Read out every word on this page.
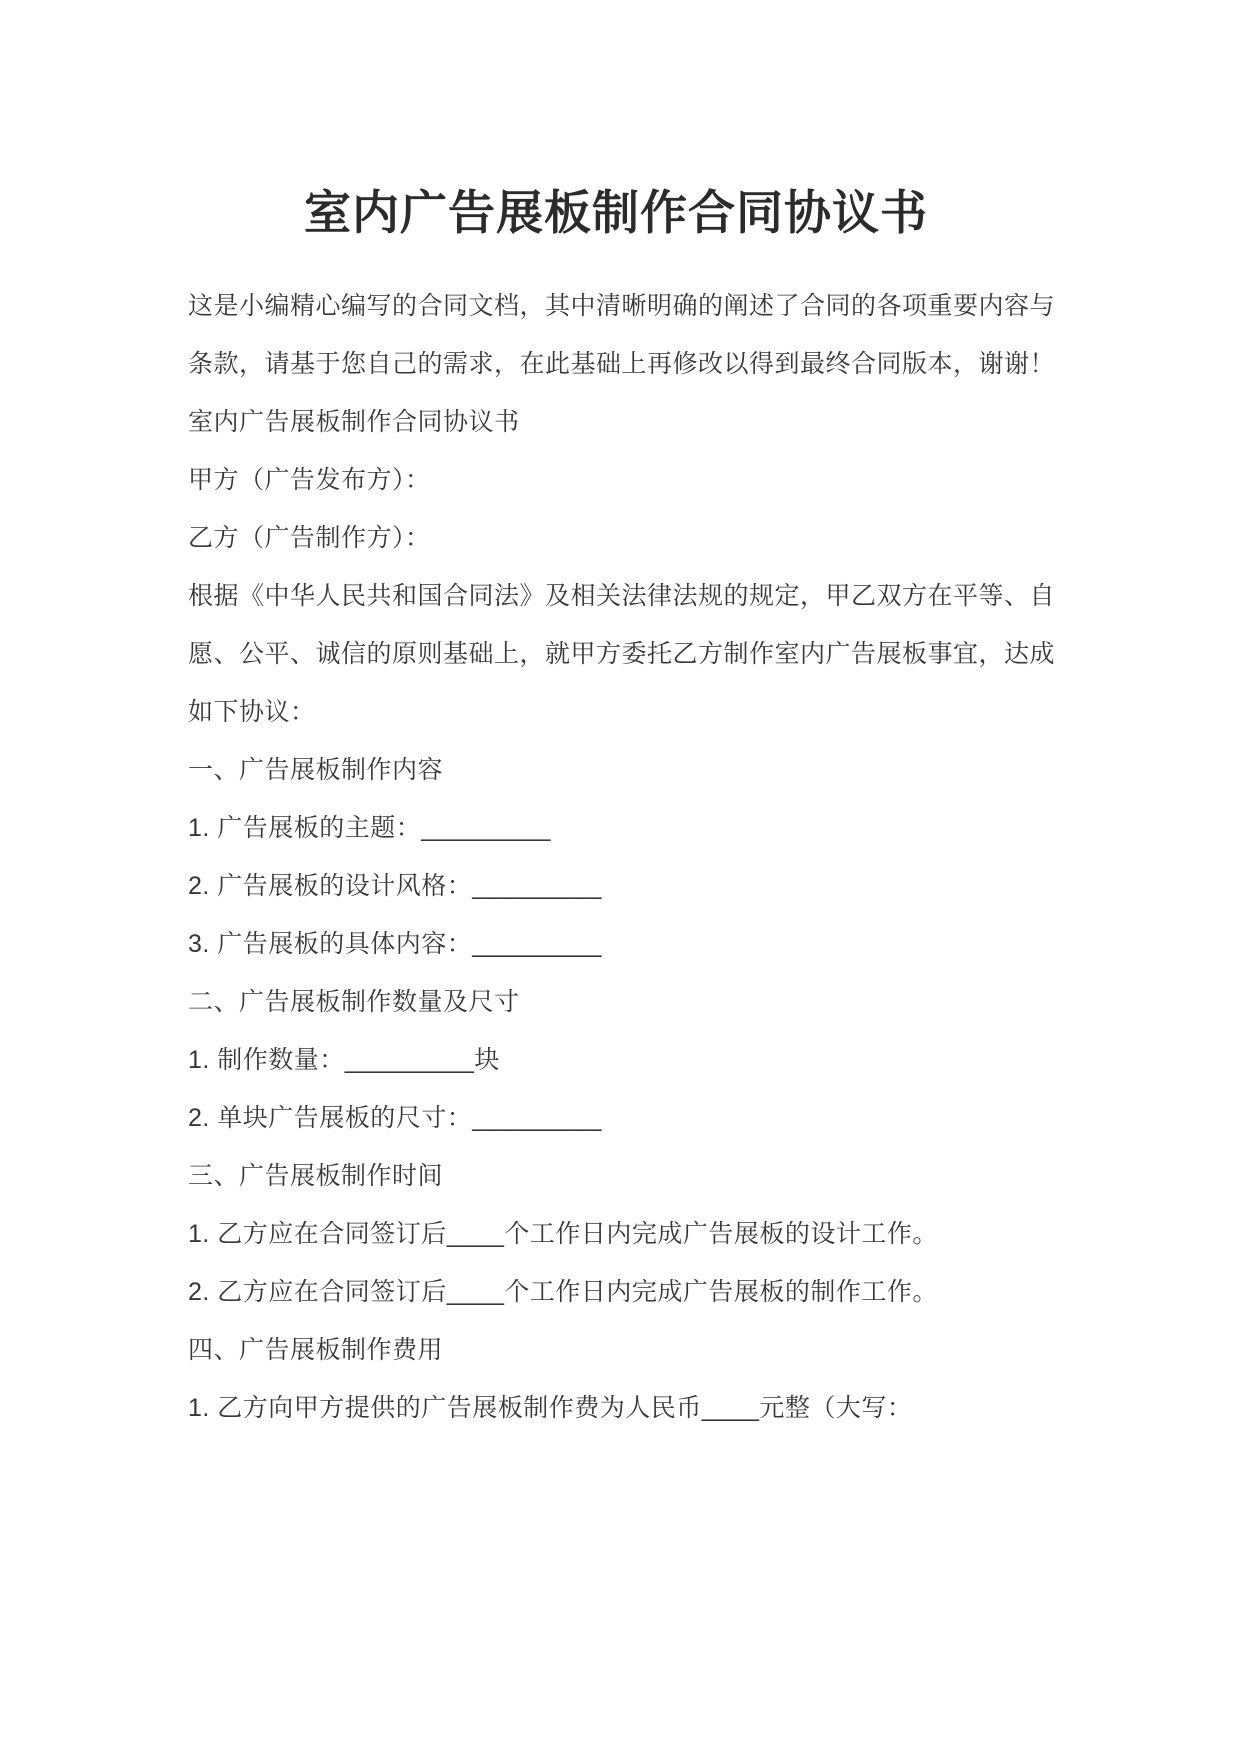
室内广告展板制作合同协议书

这是小编精心编写的合同文档，其中清晰明确的阐述了合同的各项重要内容与

条款，请基于您自己的需求，在此基础上再修改以得到最终合同版本，谢谢！

室内广告展板制作合同协议书

甲方（广告发布方）：

乙方（广告制作方）：

根据《中华人民共和国合同法》及相关法律法规的规定，甲乙双方在平等、自

愿、公平、诚信的原则基础上，就甲方委托乙方制作室内广告展板事宜，达成

如下协议：

一、广告展板制作内容

1. 广告展板的主题：_________

2. 广告展板的设计风格：_________

3. 广告展板的具体内容：_________

二、广告展板制作数量及尺寸

1. 制作数量：_________块

2. 单块广告展板的尺寸：_________

三、广告展板制作时间

1. 乙方应在合同签订后____个工作日内完成广告展板的设计工作。

2. 乙方应在合同签订后____个工作日内完成广告展板的制作工作。

四、广告展板制作费用

1. 乙方向甲方提供的广告展板制作费为人民币____元整（大写：
